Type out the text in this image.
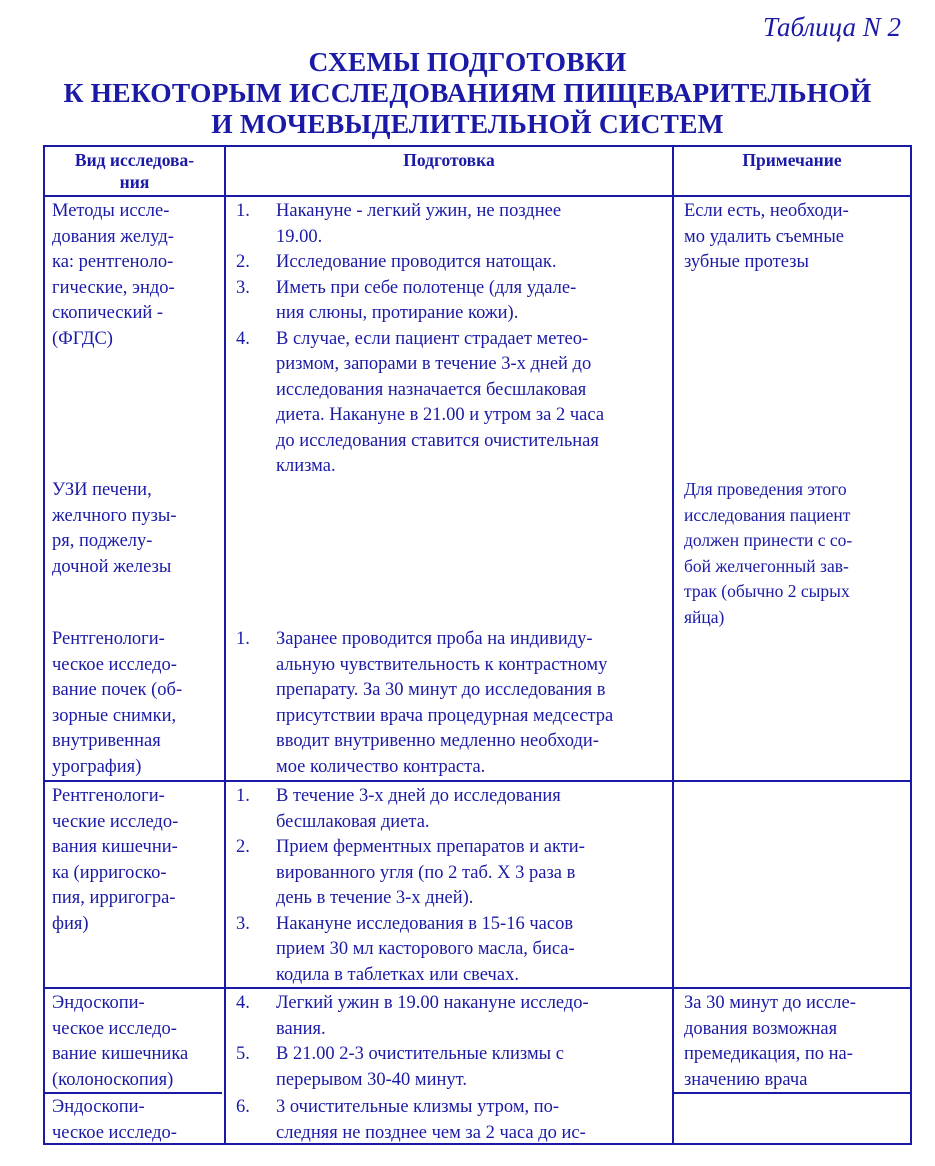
Таблица N 2
СХЕМЫ ПОДГОТОВКИ
К НЕКОТОРЫМ ИССЛЕДОВАНИЯМ ПИЩЕВАРИТЕЛЬНОЙ
И МОЧЕВЫДЕЛИТЕЛЬНОЙ СИСТЕМ
Вид исследова-
ния
Подготовка	Примечание
Методы иссле-
дования желуд-
ка: рентгеноло-
гические, эндо-
скопический -
(ФГДС)
1. Накануне - легкий ужин, не позднее
19.00.
2. Исследование проводится натощак.
3. Иметь при себе полотенце (для удале-
ния слюны, протирание кожи).
4. В случае, если пациент страдает метео-
ризмом, запорами в течение 3-х дней до
исследования назначается бесшлаковая
диета. Накануне в 21.00 и утром за 2 часа
до исследования ставится очистительная
клизма.
Если есть, необходи-
мо удалить съемные
зубные протезы
УЗИ печени,
желчного пузы-
ря, поджелу-
дочной железы
Для проведения этого
исследования пациент
должен принести с со-
бой желчегонный зав-
трак (обычно 2 сырых
яйца)
Рентгенологи-
ческое исследо-
вание почек (об-
зорные снимки,
внутривенная
урография)
1. Заранее проводится проба на индивиду-
альную чувствительность к контрастному
препарату. За 30 минут до исследования в
присутствии врача процедурная медсестра
вводит внутривенно медленно необходи-
мое количество контраста.
Рентгенологи-
ческие исследо-
вания кишечни-
ка (ирригоско-
пия, ирригогра-
фия)
1. В течение 3-х дней до исследования
бесшлаковая диета.
2. Прием ферментных препаратов и акти-
вированного угля (по 2 таб. Х 3 раза в
день в течение 3-х дней).
3. Накануне исследования в 15-16 часов
прием 30 мл касторового масла, биса-
кодила в таблетках или свечах.
Эндоскопи-
ческое исследо-
вание кишечника
(колоноскопия)
4. Легкий ужин в 19.00 накануне исследо-
вания.
5. В 21.00 2-3 очистительные клизмы с
перерывом 30-40 минут.
За 30 минут до иссле-
дования возможная
премедикация, по на-
значению врача
Эндоскопи-
ческое исследо-
6. 3 очистительные клизмы утром, по-
следняя не позднее чем за 2 часа до ис-
